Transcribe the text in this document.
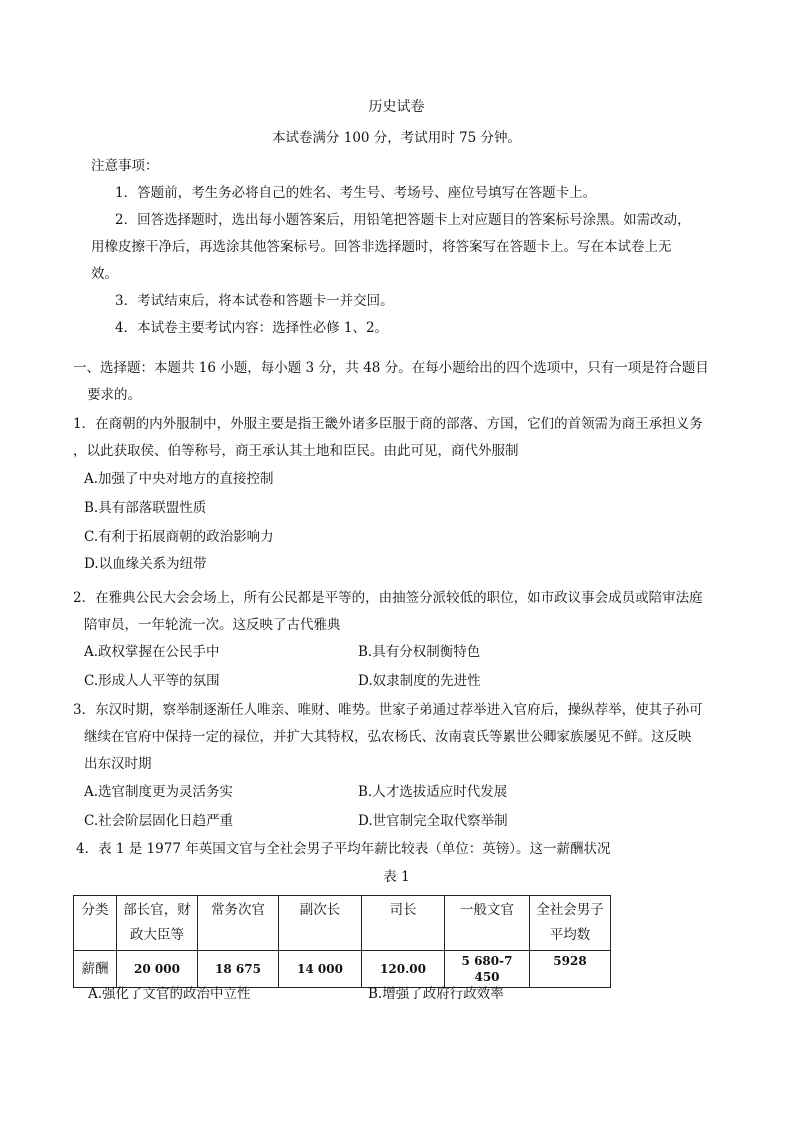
历史试卷
本试卷满分 100 分，考试用时 75 分钟。
注意事项：
1．答题前，考生务必将自己的姓名、考生号、考场号、座位号填写在答题卡上。
2．回答选择题时，选出每小题答案后，用铅笔把答题卡上对应题目的答案标号涂黑。如需改动，
用橡皮擦干净后，再选涂其他答案标号。回答非选择题时，将答案写在答题卡上。写在本试卷上无
效。
3．考试结束后，将本试卷和答题卡一并交回。
4．本试卷主要考试内容：选择性必修 1、2。
一、选择题：本题共 16 小题，每小题 3 分，共 48 分。在每小题给出的四个选项中，只有一项是符合题目
要求的。
1．在商朝的内外服制中，外服主要是指王畿外诸多臣服于商的部落、方国，它们的首领需为商王承担义务
，以此获取侯、伯等称号，商王承认其土地和臣民。由此可见，商代外服制
A.加强了中央对地方的直接控制
B.具有部落联盟性质
C.有利于拓展商朝的政治影响力
D.以血缘关系为纽带
2．在雅典公民大会会场上，所有公民都是平等的，由抽签分派较低的职位，如市政议事会成员或陪审法庭
陪审员，一年轮流一次。这反映了古代雅典
A.政权掌握在公民手中	B.具有分权制衡特色
C.形成人人平等的氛围	D.奴隶制度的先进性
3．东汉时期，察举制逐渐任人唯亲、唯财、唯势。世家子弟通过荐举进入官府后，操纵荐举，使其子孙可
继续在官府中保持一定的禄位，并扩大其特权，弘农杨氏、汝南袁氏等累世公卿家族屡见不鲜。这反映
出东汉时期
A.选官制度更为灵活务实	B.人才选拔适应时代发展
C.社会阶层固化日趋严重	D.世官制完全取代察举制
4．表 1 是 1977 年英国文官与全社会男子平均年薪比较表（单位：英镑）。这一薪酬状况
表 1
分类	部长官，财政大臣等	常务次官	副次长	司长	一般文官	全社会男子平均数
薪酬	20 000	18 675	14 000	120.00	5 680-7 450	5928
A.强化了文官的政治中立性	B.增强了政府行政效率
